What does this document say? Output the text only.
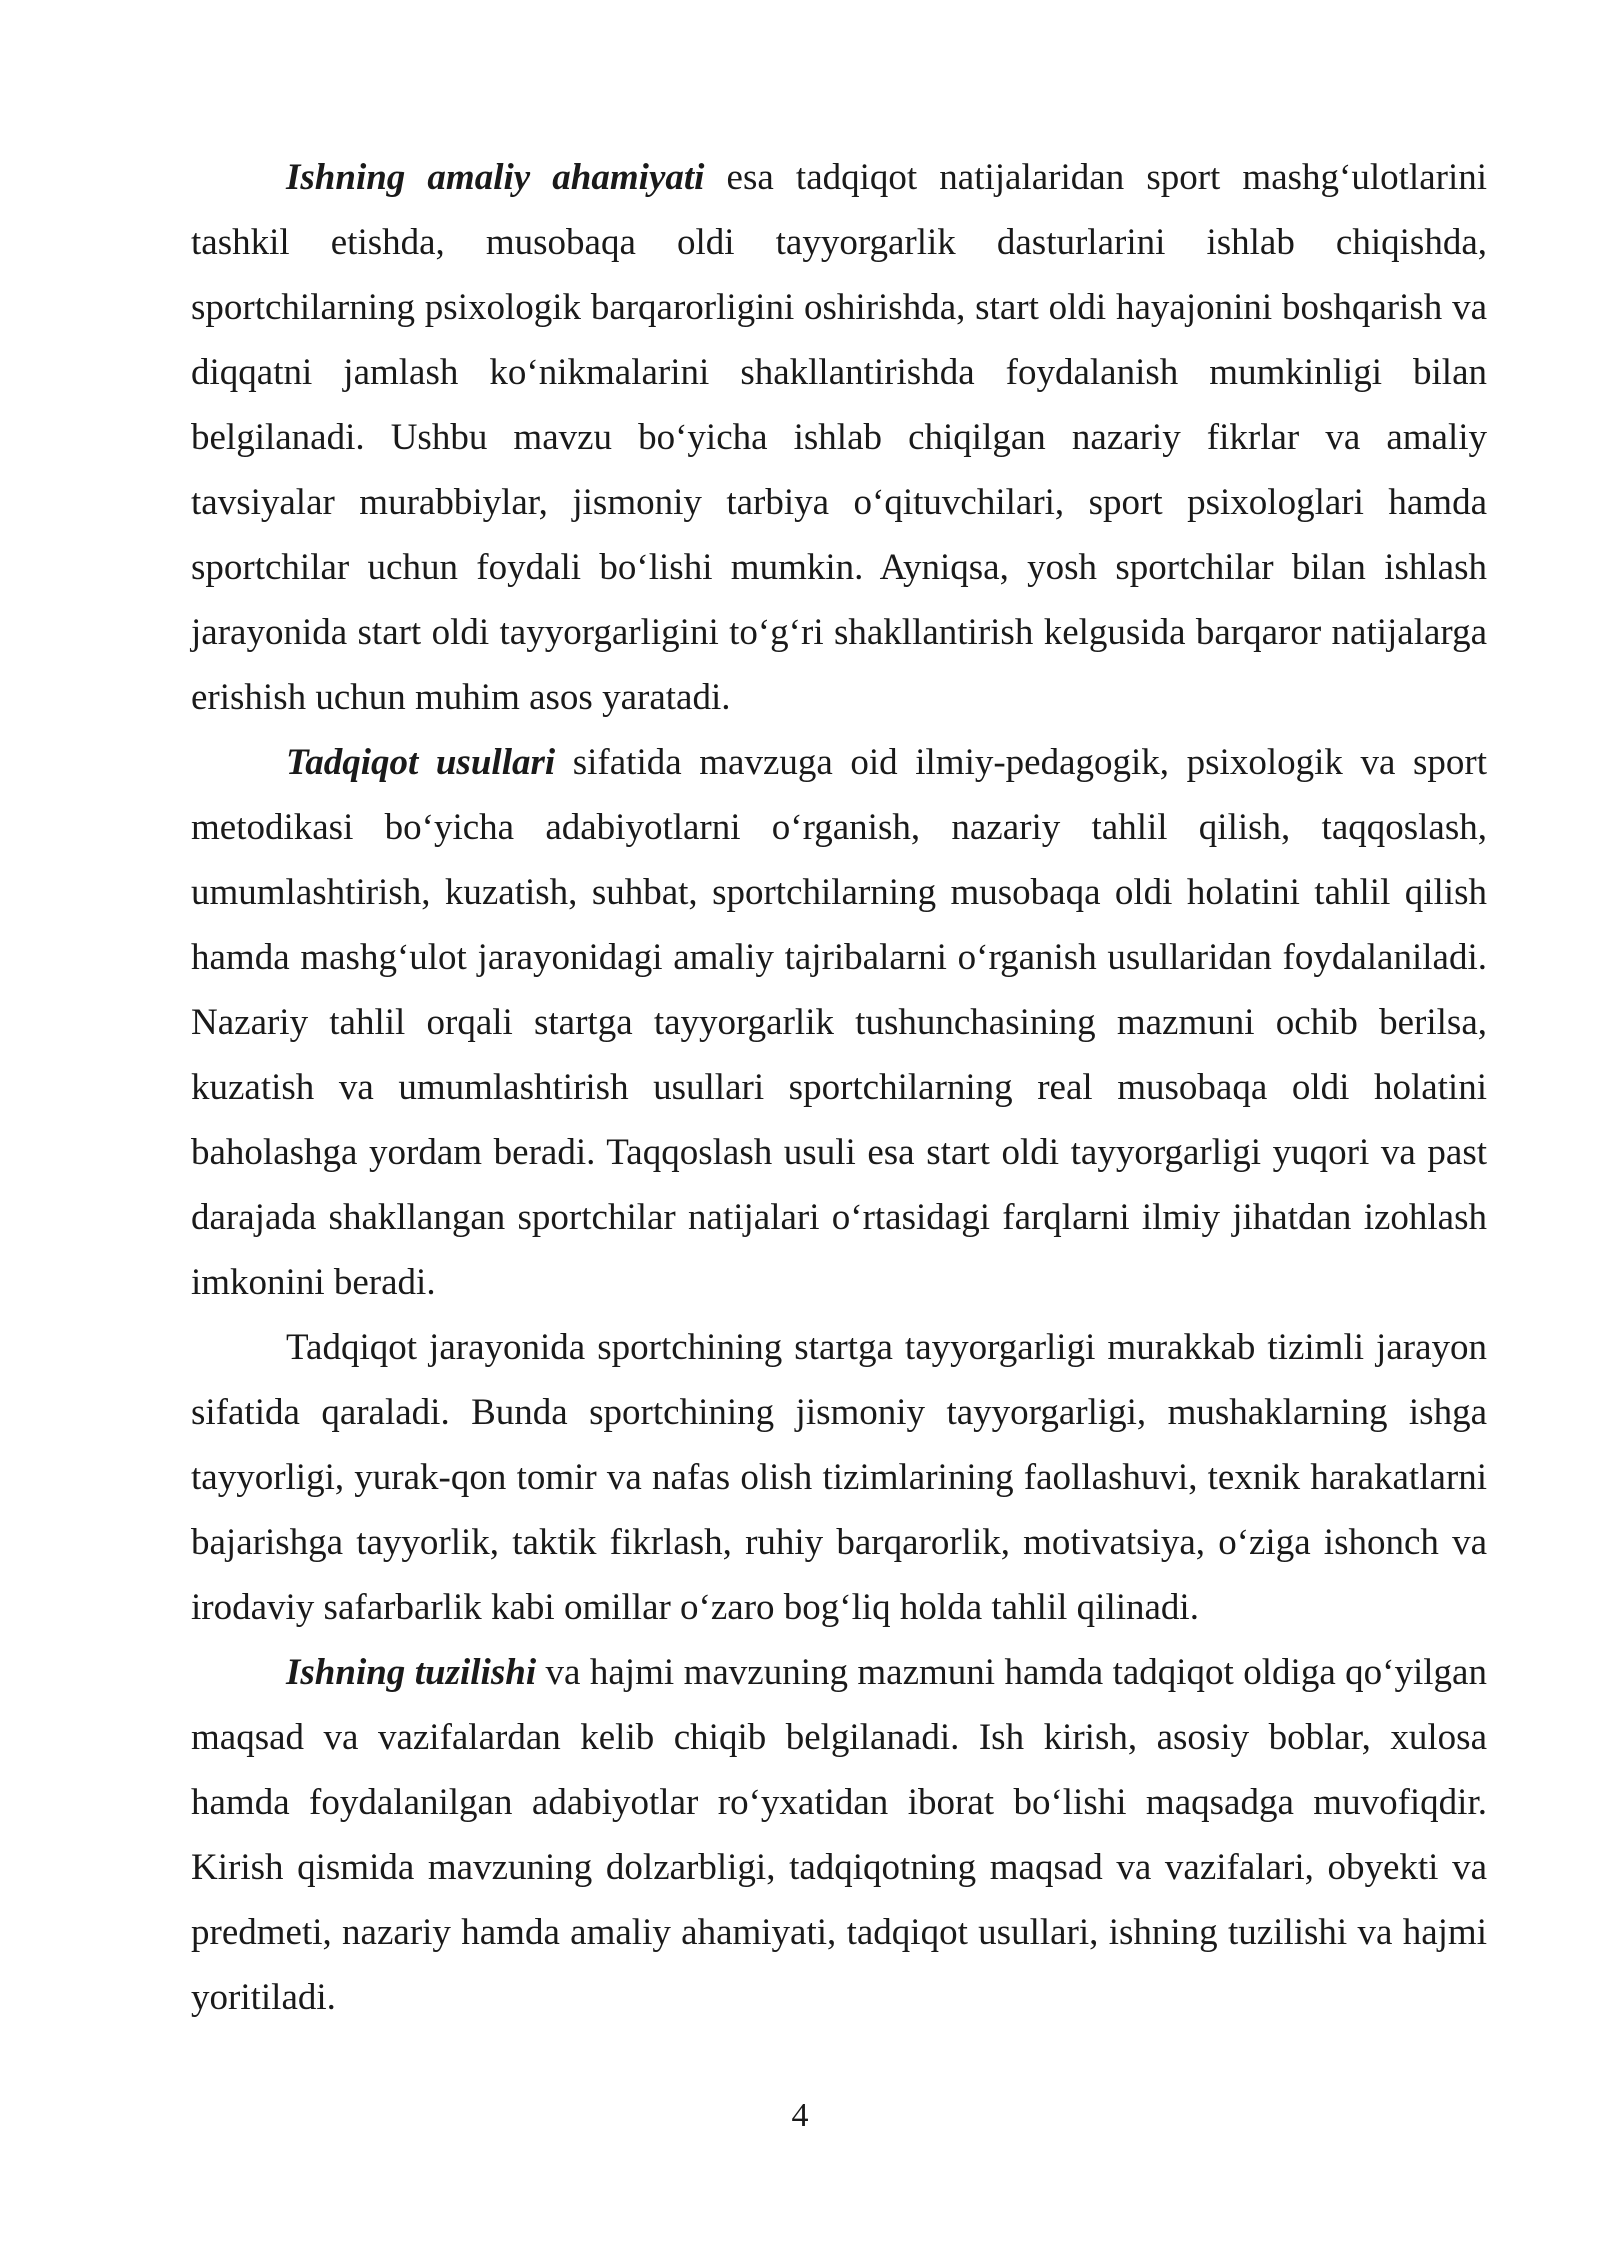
Ishning amaliy ahamiyati esa tadqiqot natijalaridan sport mashg‘ulotlarini tashkil etishda, musobaqa oldi tayyorgarlik dasturlarini ishlab chiqishda, sportchilarning psixologik barqarorligini oshirishda, start oldi hayajonini boshqarish va diqqatni jamlash ko‘nikmalarini shakllantirishda foydalanish mumkinligi bilan belgilanadi. Ushbu mavzu bo‘yicha ishlab chiqilgan nazariy fikrlar va amaliy tavsiyalar murabbiylar, jismoniy tarbiya o‘qituvchilari, sport psixologlari hamda sportchilar uchun foydali bo‘lishi mumkin. Ayniqsa, yosh sportchilar bilan ishlash jarayonida start oldi tayyorgarligini to‘g‘ri shakllantirish kelgusida barqaror natijalarga erishish uchun muhim asos yaratadi.

Tadqiqot usullari sifatida mavzuga oid ilmiy-pedagogik, psixologik va sport metodikasi bo‘yicha adabiyotlarni o‘rganish, nazariy tahlil qilish, taqqoslash, umumlashtirish, kuzatish, suhbat, sportchilarning musobaqa oldi holatini tahlil qilish hamda mashg‘ulot jarayonidagi amaliy tajribalarni o‘rganish usullaridan foydalaniladi. Nazariy tahlil orqali startga tayyorgarlik tushunchasining mazmuni ochib berilsa, kuzatish va umumlashtirish usullari sportchilarning real musobaqa oldi holatini baholashga yordam beradi. Taqqoslash usuli esa start oldi tayyorgarligi yuqori va past darajada shakllangan sportchilar natijalari o‘rtasidagi farqlarni ilmiy jihatdan izohlash imkonini beradi.

Tadqiqot jarayonida sportchining startga tayyorgarligi murakkab tizimli jarayon sifatida qaraladi. Bunda sportchining jismoniy tayyorgarligi, mushaklarning ishga tayyorligi, yurak-qon tomir va nafas olish tizimlarining faollashuvi, texnik harakatlarni bajarishga tayyorlik, taktik fikrlash, ruhiy barqarorlik, motivatsiya, o‘ziga ishonch va irodaviy safarbarlik kabi omillar o‘zaro bog‘liq holda tahlil qilinadi.

Ishning tuzilishi va hajmi mavzuning mazmuni hamda tadqiqot oldiga qo‘yilgan maqsad va vazifalardan kelib chiqib belgilanadi. Ish kirish, asosiy boblar, xulosa hamda foydalanilgan adabiyotlar ro‘yxatidan iborat bo‘lishi maqsadga muvofiqdir. Kirish qismida mavzuning dolzarbligi, tadqiqotning maqsad va vazifalari, obyekti va predmeti, nazariy hamda amaliy ahamiyati, tadqiqot usullari, ishning tuzilishi va hajmi yoritiladi.

4
